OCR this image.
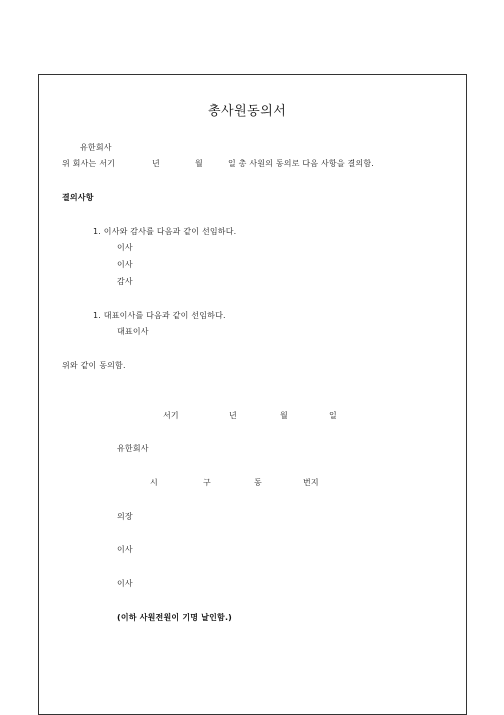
총사원동의서
유한회사
위 회사는 서기	년	월	일 총 사원의 동의로 다음 사항을 결의함.
결의사항
1. 이사와 감사를 다음과 같이 선임하다.
이사
이사
감사
1. 대표이사를 다음과 같이 선임하다.
대표이사
위와 같이 동의함.
서기	년	월	일
유한회사
시	구	동	번지
의장
이사
이사
(이하 사원전원이 기명 날인함.)
